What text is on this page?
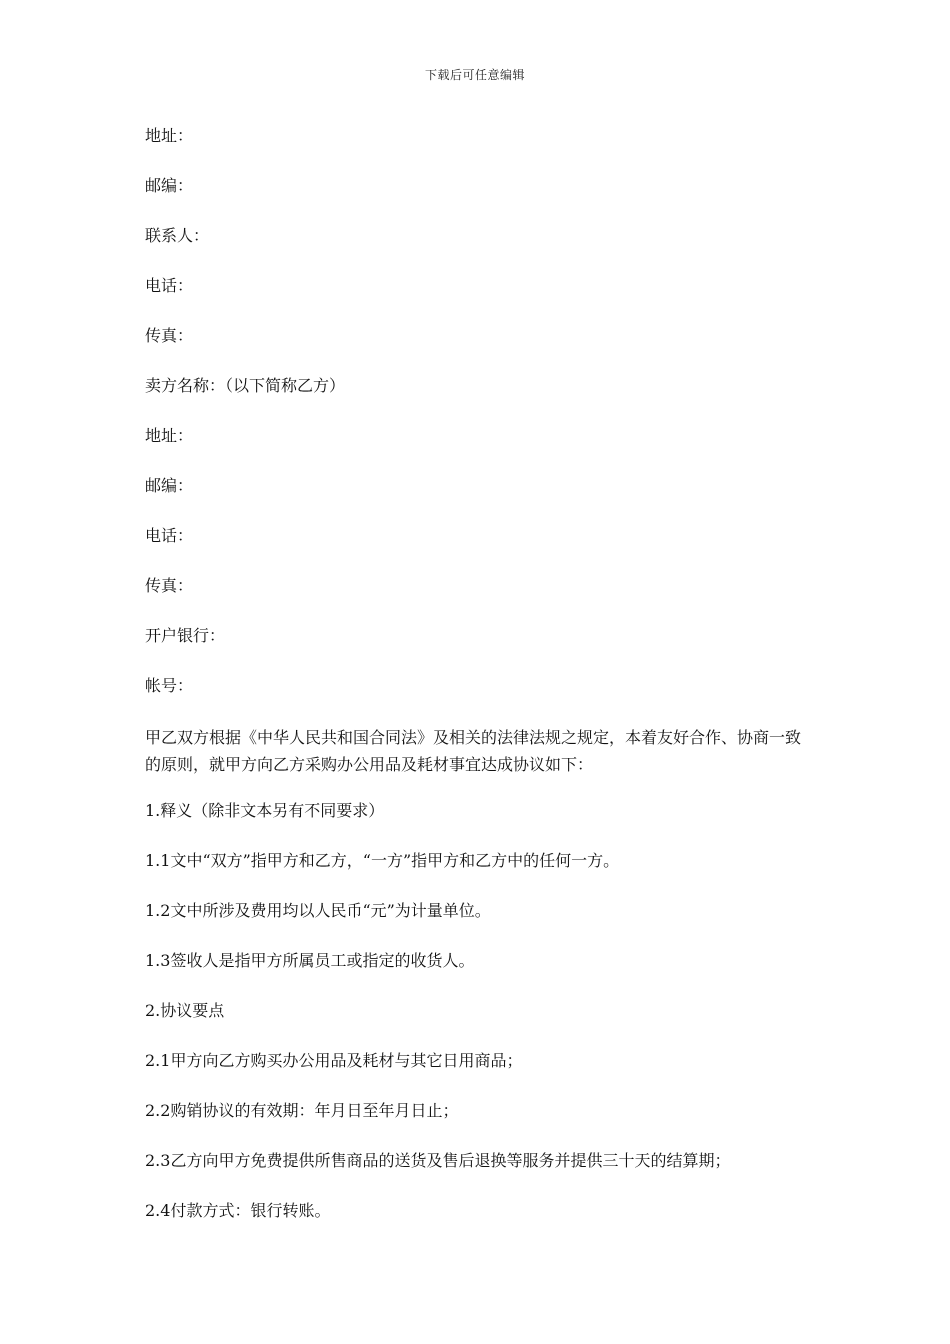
下载后可任意编辑
地址：
邮编：
联系人：
电话：
传真：
卖方名称：（以下简称乙方）
地址：
邮编：
电话：
传真：
开户银行：
帐号：
甲乙双方根据《中华人民共和国合同法》及相关的法律法规之规定，本着友好合作、协商一致的原则，就甲方向乙方采购办公用品及耗材事宜达成协议如下：
1.释义（除非文本另有不同要求）
1.1文中“双方”指甲方和乙方，“一方”指甲方和乙方中的任何一方。
1.2文中所涉及费用均以人民币“元”为计量单位。
1.3签收人是指甲方所属员工或指定的收货人。
2.协议要点
2.1甲方向乙方购买办公用品及耗材与其它日用商品；
2.2购销协议的有效期：年月日至年月日止；
2.3乙方向甲方免费提供所售商品的送货及售后退换等服务并提供三十天的结算期；
2.4付款方式：银行转账。
